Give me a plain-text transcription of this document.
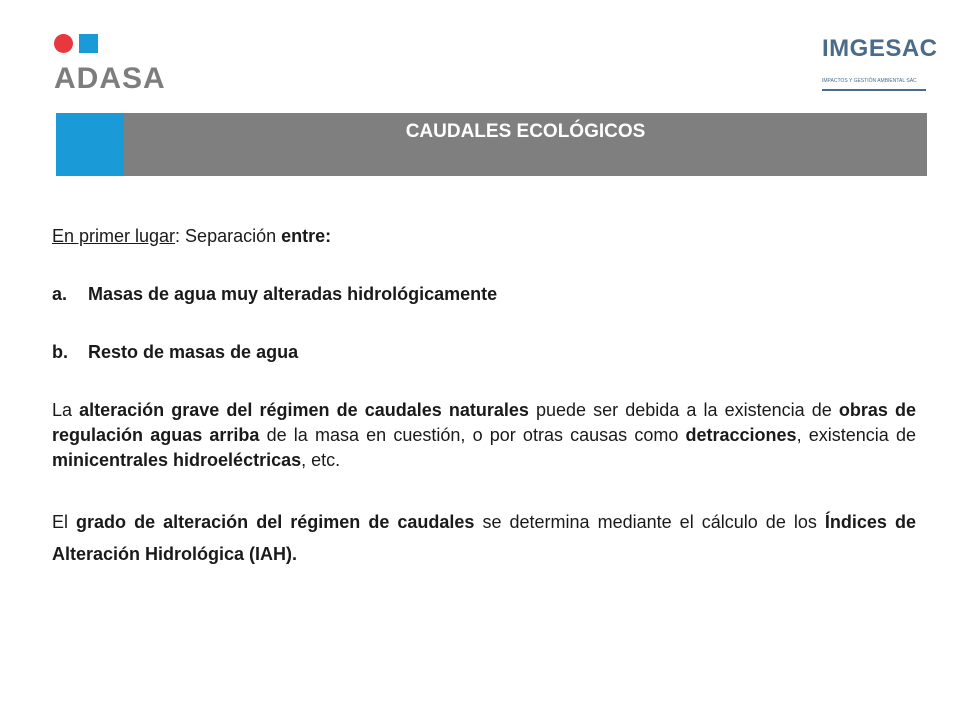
ADASA
IMGESAC
IMPACTOS Y GESTIÓN AMBIENTAL SAC
CAUDALES ECOLÓGICOS

En primer lugar: Separación entre:

a.	Masas de agua muy alteradas hidrológicamente

b.	Resto de masas de agua

La alteración grave del régimen de caudales naturales puede ser debida a la existencia de obras de regulación aguas arriba de la masa en cuestión, o por otras causas como detracciones, existencia de minicentrales hidroeléctricas, etc.

El grado de alteración del régimen de caudales se determina mediante el cálculo de los Índices de Alteración Hidrológica (IAH).
